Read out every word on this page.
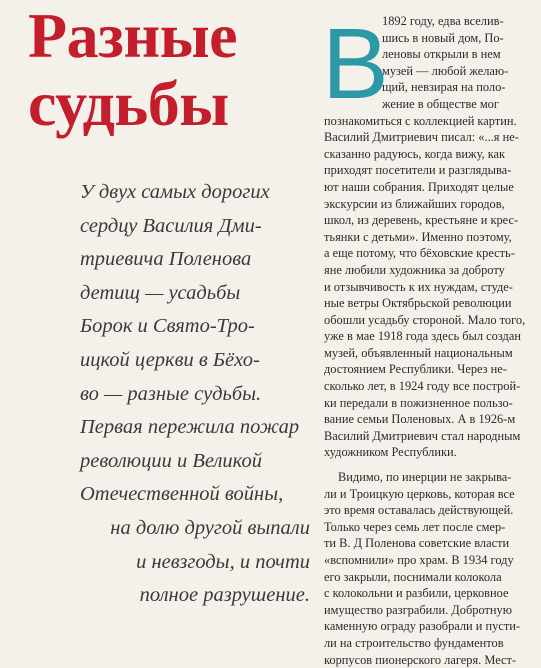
Разные
судьбы

У двух самых дорогих
сердцу Василия Дми-
триевича Поленова
детищ — усадьбы
Борок и Свято-Тро-
ицкой церкви в Бёхо-
во — разные судьбы.
Первая пережила пожар
революции и Великой
Отечественной войны,
на долю другой выпали
и невзгоды, и почти
полное разрушение.

В
1892 году, едва вселив-
шись в новый дом, По-
леновы открыли в нем
музей — любой желаю-
щий, невзирая на поло-
жение в обществе мог
познакомиться с коллекцией картин.
Василий Дмитриевич писал: «...я не-
сказанно радуюсь, когда вижу, как
приходят посетители и разглядыва-
ют наши собрания. Приходят целые
экскурсии из ближайших городов,
школ, из деревень, крестьяне и крес-
тьянки с детьми». Именно поэтому,
а еще потому, что бёховские кресть-
яне любили художника за доброту
и отзывчивость к их нуждам, студе-
ные ветры Октябрьской революции
обошли усадьбу стороной. Мало того,
уже в мае 1918 года здесь был создан
музей, объявленный национальным
достоянием Республики. Через не-
сколько лет, в 1924 году все построй-
ки передали в пожизненное пользо-
вание семьи Поленовых. А в 1926-м
Василий Дмитриевич стал народным
художником Республики.
Видимо, по инерции не закрыва-
ли и Троицкую церковь, которая все
это время оставалась действующей.
Только через семь лет после смер-
ти В. Д Поленова советские власти
«вспомнили» про храм. В 1934 году
его закрыли, поснимали колокола
с колокольни и разбили, церковное
имущество разграбили. Добротную
каменную ограду разобрали и пусти-
ли на строительство фундаментов
корпусов пионерского лагеря. Мест-
